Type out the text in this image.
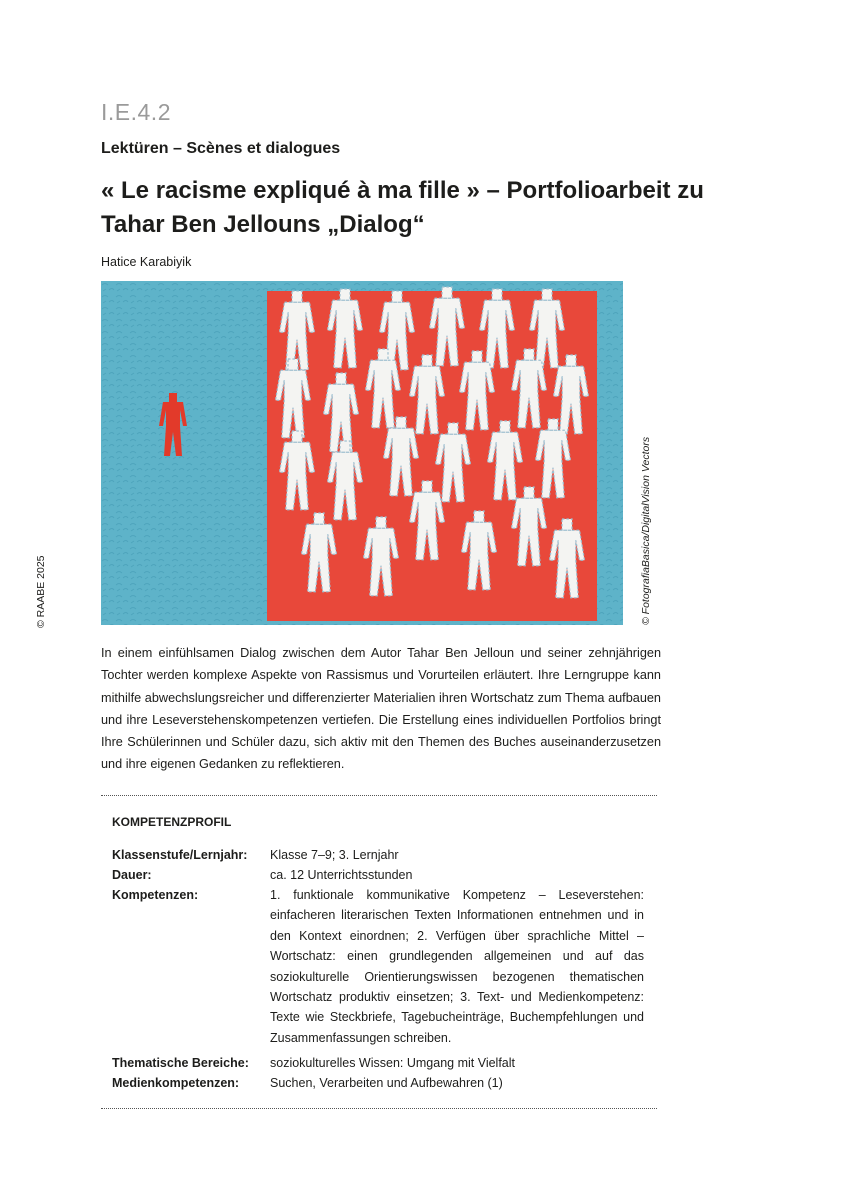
I.E.4.2
Lektüren – Scènes et dialogues
« Le racisme expliqué à ma fille » – Portfolioarbeit zu Tahar Ben Jellouns „Dialog“
Hatice Karabiyik
© FotografiaBasica/DigitalVision Vectors
© RAABE 2025
In einem einfühlsamen Dialog zwischen dem Autor Tahar Ben Jelloun und seiner zehnjährigen Tochter werden komplexe Aspekte von Rassismus und Vorurteilen erläutert. Ihre Lerngruppe kann mithilfe abwechslungsreicher und differenzierter Materialien ihren Wortschatz zum Thema aufbauen und ihre Leseverstehenskompetenzen vertiefen. Die Erstellung eines individuellen Portfolios bringt Ihre Schülerinnen und Schüler dazu, sich aktiv mit den Themen des Buches auseinanderzusetzen und ihre eigenen Gedanken zu reflektieren.
KOMPETENZPROFIL
Klassenstufe/Lernjahr:	Klasse 7–9; 3. Lernjahr
Dauer:	ca. 12 Unterrichtsstunden
Kompetenzen:	1. funktionale kommunikative Kompetenz – Leseverstehen: einfacheren literarischen Texten Informationen entnehmen und in den Kontext einordnen; 2. Verfügen über sprachliche Mittel – Wortschatz: einen grundlegenden allgemeinen und auf das soziokulturelle Orientierungswissen bezogenen thematischen Wortschatz produktiv einsetzen; 3. Text- und Medienkompetenz: Texte wie Steckbriefe, Tagebucheinträge, Buchempfehlungen und Zusammenfassungen schreiben.
Thematische Bereiche:	soziokulturelles Wissen: Umgang mit Vielfalt
Medienkompetenzen:	Suchen, Verarbeiten und Aufbewahren (1)
